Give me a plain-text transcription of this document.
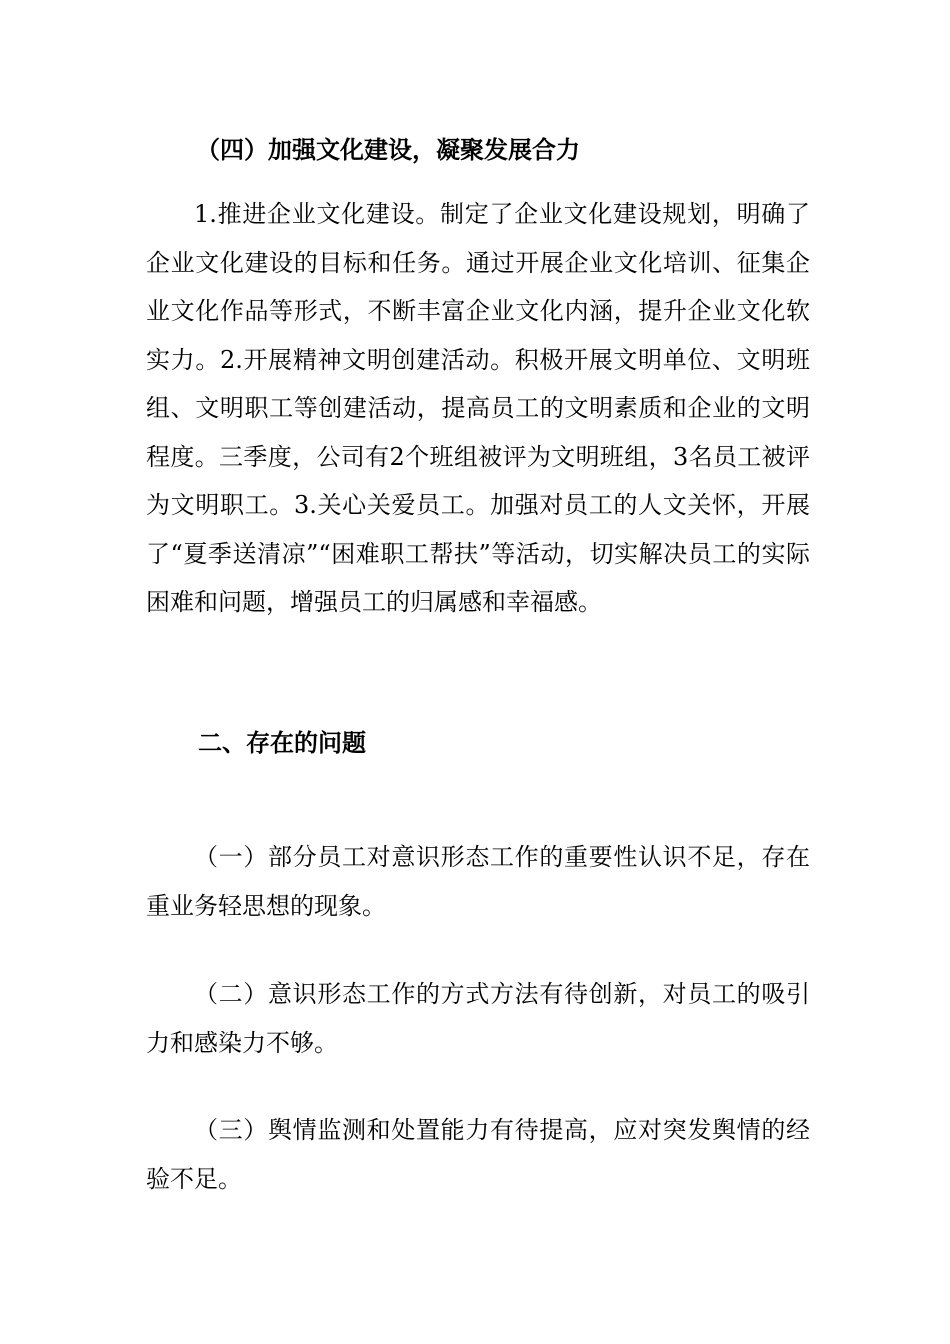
（四）加强文化建设，凝聚发展合力

1.推进企业文化建设。制定了企业文化建设规划，明确了企业文化建设的目标和任务。通过开展企业文化培训、征集企业文化作品等形式，不断丰富企业文化内涵，提升企业文化软实力。2.开展精神文明创建活动。积极开展文明单位、文明班组、文明职工等创建活动，提高员工的文明素质和企业的文明程度。三季度，公司有2个班组被评为文明班组，3名员工被评为文明职工。3.关心关爱员工。加强对员工的人文关怀，开展了“夏季送清凉”“困难职工帮扶”等活动，切实解决员工的实际困难和问题，增强员工的归属感和幸福感。

二、存在的问题

（一）部分员工对意识形态工作的重要性认识不足，存在重业务轻思想的现象。

（二）意识形态工作的方式方法有待创新，对员工的吸引力和感染力不够。

（三）舆情监测和处置能力有待提高，应对突发舆情的经验不足。
